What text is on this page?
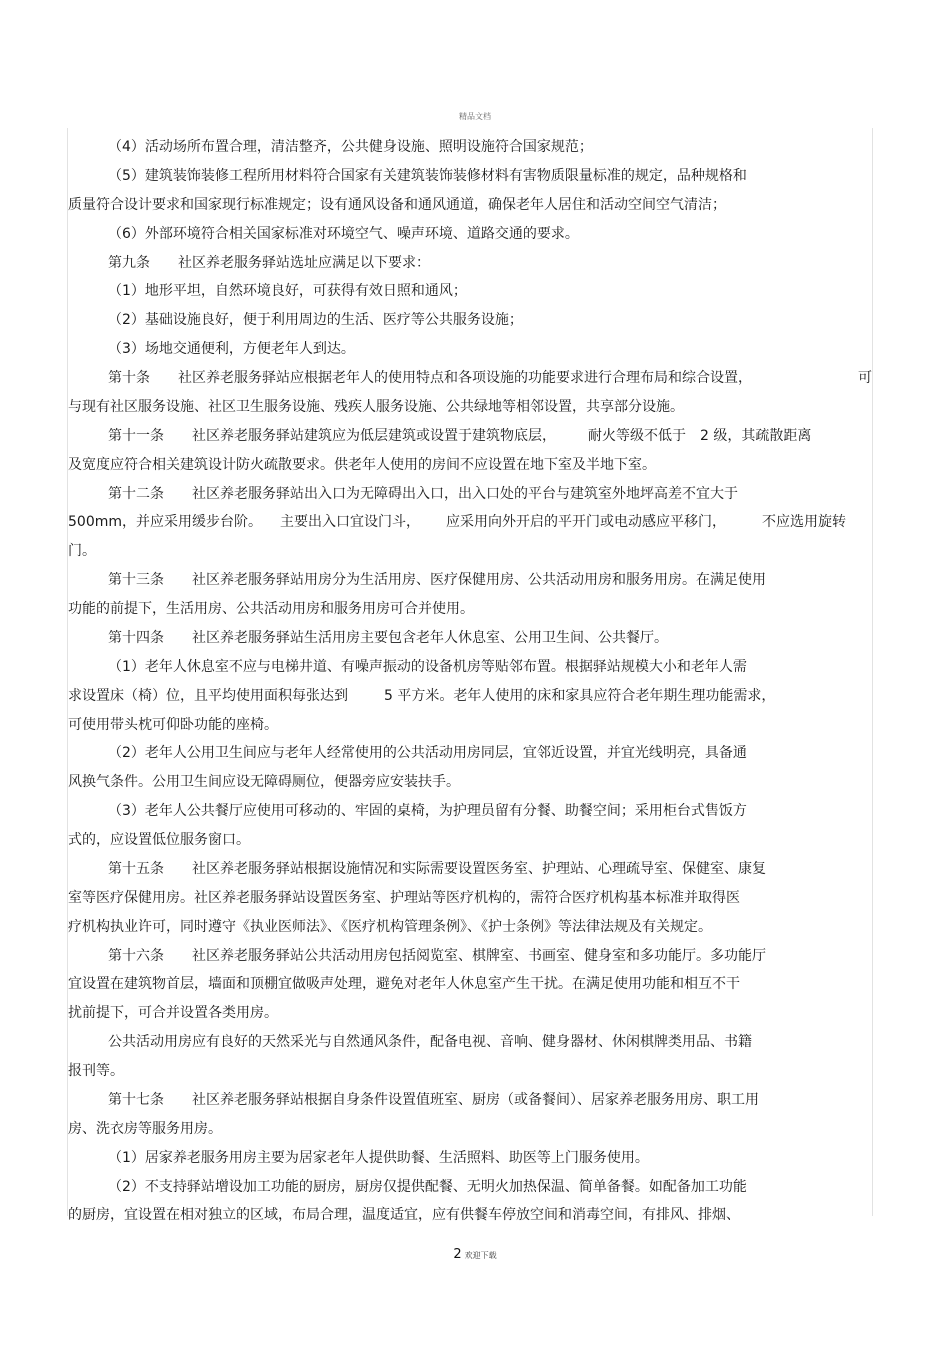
精品文档
（4）活动场所布置合理，清洁整齐，公共健身设施、照明设施符合国家规范；
（5）建筑装饰装修工程所用材料符合国家有关建筑装饰装修材料有害物质限量标准的规定，品种规格和
质量符合设计要求和国家现行标准规定；设有通风设备和通风通道，确保老年人居住和活动空间空气清洁；
（6）外部环境符合相关国家标准对环境空气、噪声环境、道路交通的要求。
第九条　　社区养老服务驿站选址应满足以下要求：
（1）地形平坦，自然环境良好，可获得有效日照和通风；
（2）基础设施良好，便于利用周边的生活、医疗等公共服务设施；
（3）场地交通便利，方便老年人到达。
第十条　　社区养老服务驿站应根据老年人的使用特点和各项设施的功能要求进行合理布局和综合设置，	可
与现有社区服务设施、社区卫生服务设施、残疾人服务设施、公共绿地等相邻设置，共享部分设施。
第十一条　　社区养老服务驿站建筑应为低层建筑或设置于建筑物底层， 耐火等级不低于 2 级，其疏散距离
及宽度应符合相关建筑设计防火疏散要求。供老年人使用的房间不应设置在地下室及半地下室。
第十二条　　社区养老服务驿站出入口为无障碍出入口，出入口处的平台与建筑室外地坪高差不宜大于
500mm，并应采用缓步台阶。 主要出入口宜设门斗， 应采用向外开启的平开门或电动感应平移门，	不应选用旋转
门。
第十三条　　社区养老服务驿站用房分为生活用房、医疗保健用房、公共活动用房和服务用房。在满足使用
功能的前提下，生活用房、公共活动用房和服务用房可合并使用。
第十四条　　社区养老服务驿站生活用房主要包含老年人休息室、公用卫生间、公共餐厅。
（1）老年人休息室不应与电梯井道、有噪声振动的设备机房等贴邻布置。根据驿站规模大小和老年人需
求设置床（椅）位，且平均使用面积每张达到	5 平方米。老年人使用的床和家具应符合老年期生理功能需求，
可使用带头枕可仰卧功能的座椅。
（2）老年人公用卫生间应与老年人经常使用的公共活动用房同层，宜邻近设置，并宜光线明亮，具备通
风换气条件。公用卫生间应设无障碍厕位，便器旁应安装扶手。
（3）老年人公共餐厅应使用可移动的、牢固的桌椅，为护理员留有分餐、助餐空间；采用柜台式售饭方
式的，应设置低位服务窗口。
第十五条　　社区养老服务驿站根据设施情况和实际需要设置医务室、护理站、心理疏导室、保健室、康复
室等医疗保健用房。社区养老服务驿站设置医务室、护理站等医疗机构的，需符合医疗机构基本标准并取得医
疗机构执业许可，同时遵守《执业医师法》、《医疗机构管理条例》、《护士条例》等法律法规及有关规定。
第十六条　　社区养老服务驿站公共活动用房包括阅览室、棋牌室、书画室、健身室和多功能厅。多功能厅
宜设置在建筑物首层，墙面和顶棚宜做吸声处理，避免对老年人休息室产生干扰。在满足使用功能和相互不干
扰前提下，可合并设置各类用房。
公共活动用房应有良好的天然采光与自然通风条件，配备电视、音响、健身器材、休闲棋牌类用品、书籍
报刊等。
第十七条　　社区养老服务驿站根据自身条件设置值班室、厨房（或备餐间）、居家养老服务用房、职工用
房、洗衣房等服务用房。
（1）居家养老服务用房主要为居家老年人提供助餐、生活照料、助医等上门服务使用。
（2）不支持驿站增设加工功能的厨房，厨房仅提供配餐、无明火加热保温、简单备餐。如配备加工功能
的厨房，宜设置在相对独立的区域，布局合理，温度适宜，应有供餐车停放空间和消毒空间，有排风、排烟、
2 欢迎下载
